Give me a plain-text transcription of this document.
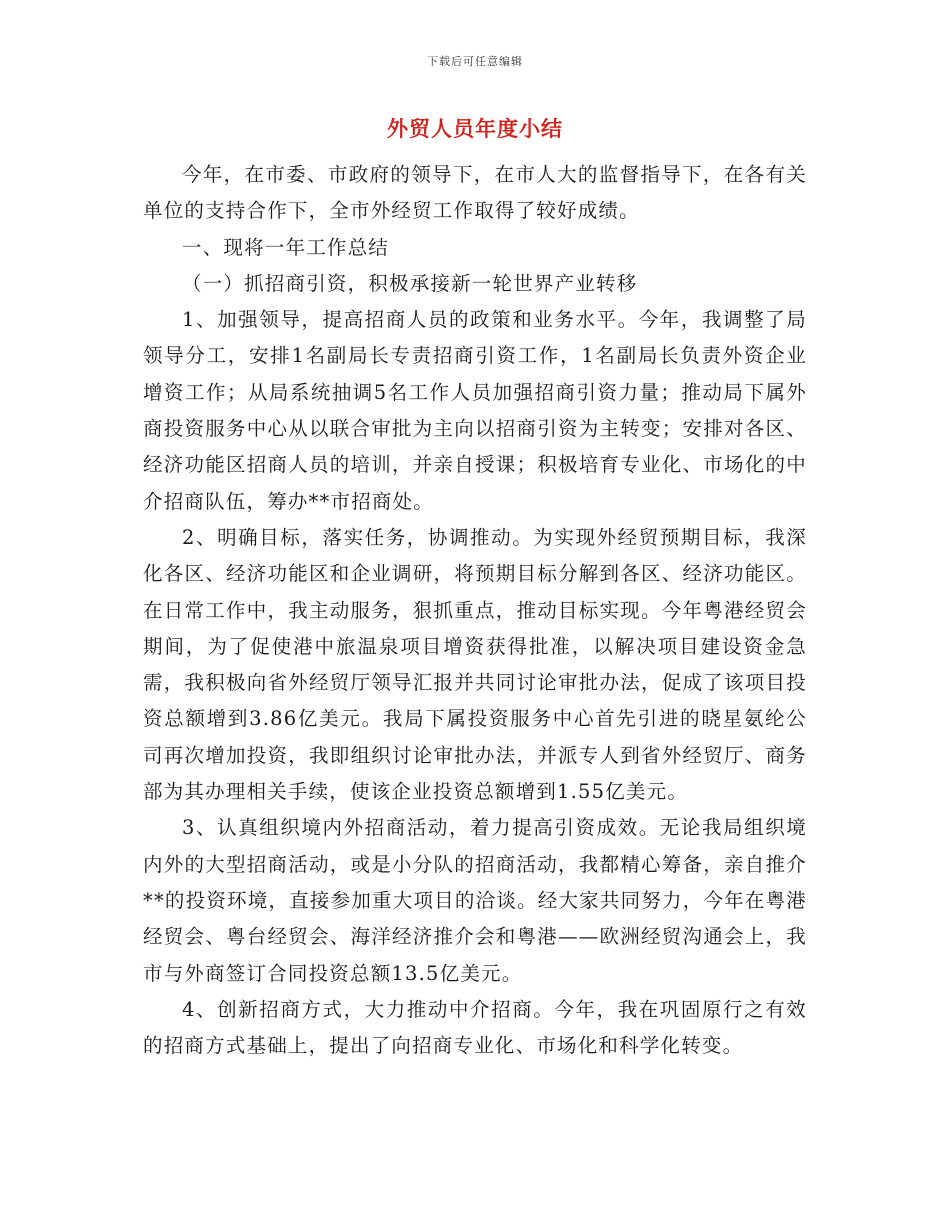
下载后可任意编辑
外贸人员年度小结

今年，在市委、市政府的领导下，在市人大的监督指导下，在各有关单位的支持合作下，全市外经贸工作取得了较好成绩。

一、现将一年工作总结

（一）抓招商引资，积极承接新一轮世界产业转移

1、加强领导，提高招商人员的政策和业务水平。今年，我调整了局领导分工，安排1名副局长专责招商引资工作，1名副局长负责外资企业增资工作；从局系统抽调5名工作人员加强招商引资力量；推动局下属外商投资服务中心从以联合审批为主向以招商引资为主转变；安排对各区、经济功能区招商人员的培训，并亲自授课；积极培育专业化、市场化的中介招商队伍，筹办**市招商处。

2、明确目标，落实任务，协调推动。为实现外经贸预期目标，我深化各区、经济功能区和企业调研，将预期目标分解到各区、经济功能区。在日常工作中，我主动服务，狠抓重点，推动目标实现。今年粤港经贸会期间，为了促使港中旅温泉项目增资获得批准，以解决项目建设资金急需，我积极向省外经贸厅领导汇报并共同讨论审批办法，促成了该项目投资总额增到3.86亿美元。我局下属投资服务中心首先引进的晓星氨纶公司再次增加投资，我即组织讨论审批办法，并派专人到省外经贸厅、商务部为其办理相关手续，使该企业投资总额增到1.55亿美元。

3、认真组织境内外招商活动，着力提高引资成效。无论我局组织境内外的大型招商活动，或是小分队的招商活动，我都精心筹备，亲自推介**的投资环境，直接参加重大项目的洽谈。经大家共同努力，今年在粤港经贸会、粤台经贸会、海洋经济推介会和粤港——欧洲经贸沟通会上，我市与外商签订合同投资总额13.5亿美元。

4、创新招商方式，大力推动中介招商。今年，我在巩固原行之有效的招商方式基础上，提出了向招商专业化、市场化和科学化转变。
